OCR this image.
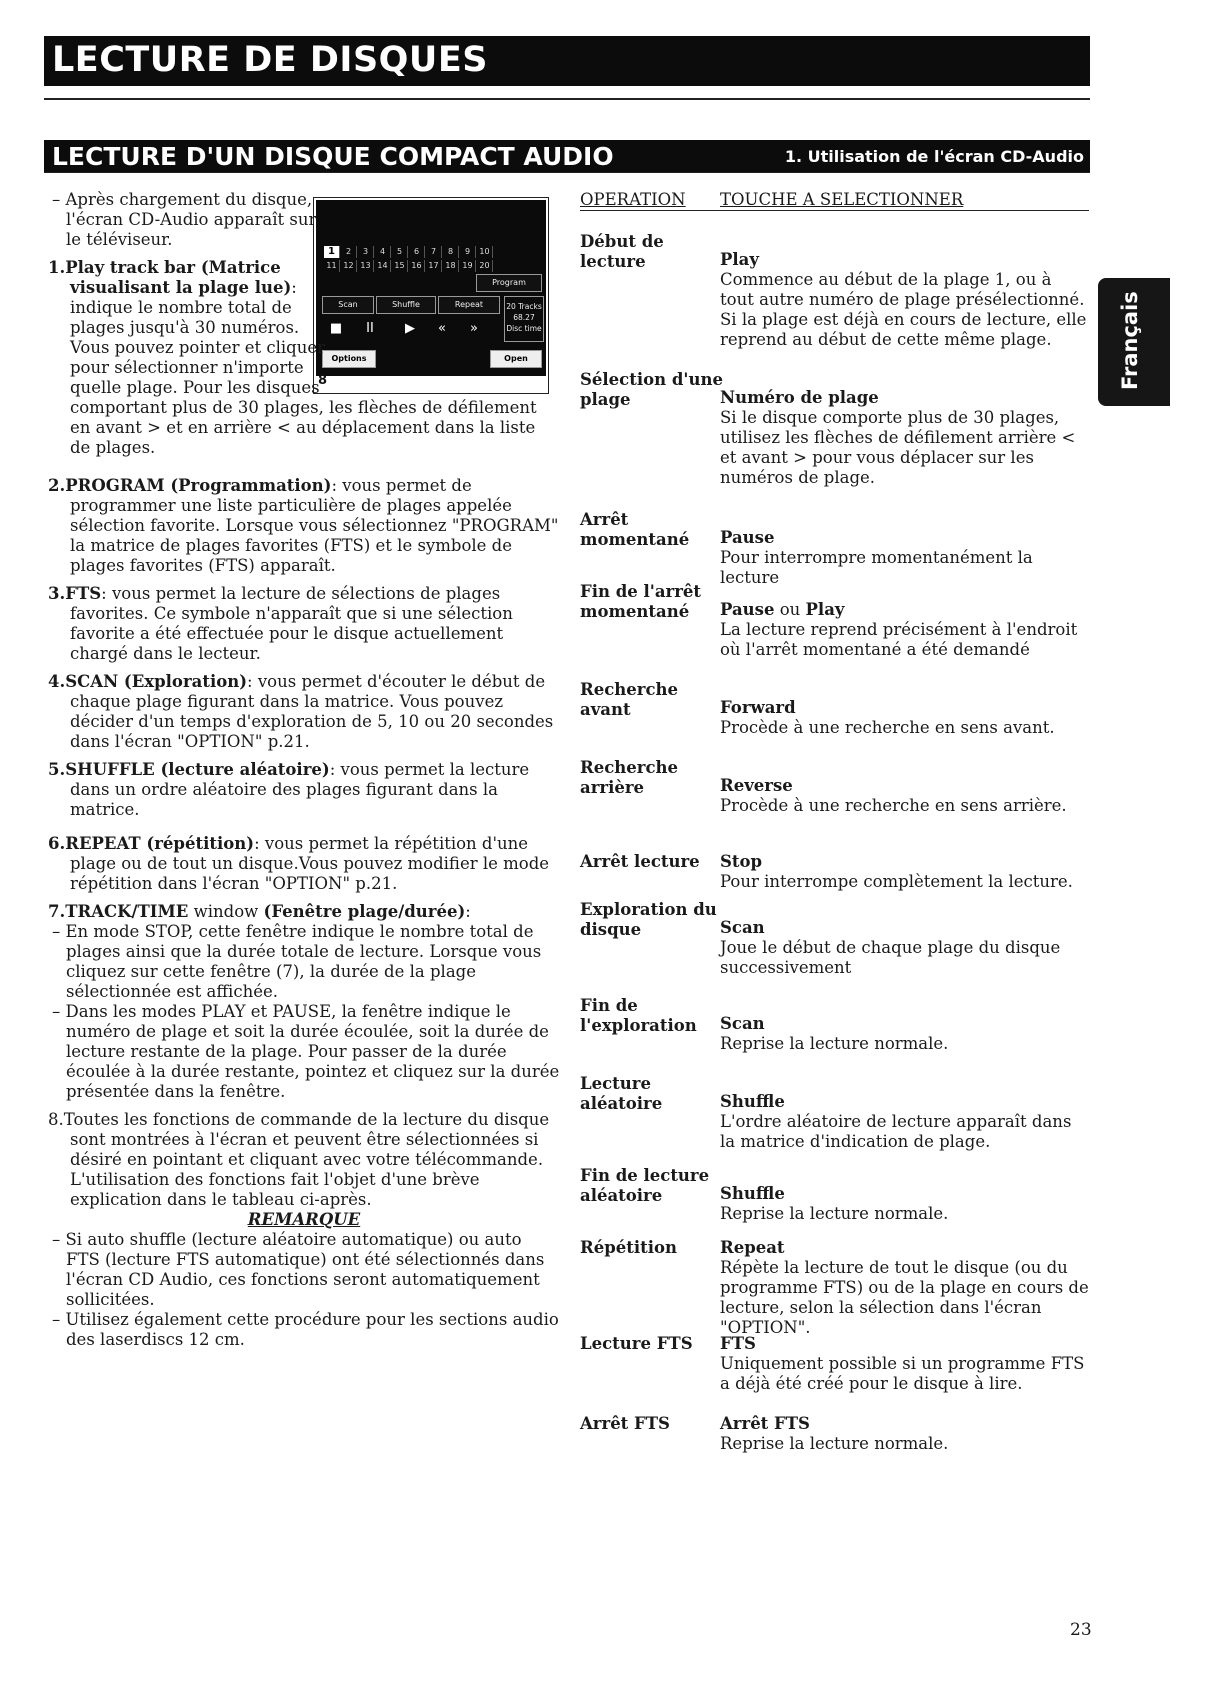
LECTURE DE DISQUES
LECTURE D'UN DISQUE COMPACT AUDIO	1. Utilisation de l'écran CD-Audio
1	2	3	4	5	6	7	8	9	10
11 12 13 14 15 16 17 18 19 20
Program
Scan	Shuffle	Repeat
■	II	▶	«	»
20 Tracks
68.27
Disc time
Options	Open
8

– Après chargement du disque, l'écran CD-Audio apparaît sur le téléviseur.

1.Play track bar (Matrice visualisant la plage lue): indique le nombre total de plages jusqu'à 30 numéros. Vous pouvez pointer et cliquer pour sélectionner n'importe quelle plage. Pour les disques

comportant plus de 30 plages, les flèches de défilement en avant > et en arrière < au déplacement dans la liste de plages.

2.PROGRAM (Programmation): vous permet de programmer une liste particulière de plages appelée sélection favorite. Lorsque vous sélectionnez "PROGRAM" la matrice de plages favorites (FTS) et le symbole de plages favorites (FTS) apparaît.
3.FTS: vous permet la lecture de sélections de plages favorites. Ce symbole n'apparaît que si une sélection favorite a été effectuée pour le disque actuellement chargé dans le lecteur.
4.SCAN (Exploration): vous permet d'écouter le début de chaque plage figurant dans la matrice. Vous pouvez décider d'un temps d'exploration de 5, 10 ou 20 secondes dans l'écran "OPTION" p.21.
5.SHUFFLE (lecture aléatoire): vous permet la lecture dans un ordre aléatoire des plages figurant dans la matrice.
6.REPEAT (répétition): vous permet la répétition d'une plage ou de tout un disque.Vous pouvez modifier le mode répétition dans l'écran "OPTION" p.21.
7.TRACK/TIME window (Fenêtre plage/durée):

– En mode STOP, cette fenêtre indique le nombre total de plages ainsi que la durée totale de lecture. Lorsque vous cliquez sur cette fenêtre (7), la durée de la plage sélectionnée est affichée.

– Dans les modes PLAY et PAUSE, la fenêtre indique le numéro de plage et soit la durée écoulée, soit la durée de lecture restante de la plage. Pour passer de la durée écoulée à la durée restante, pointez et cliquez sur la durée présentée dans la fenêtre.

8.Toutes les fonctions de commande de la lecture du disque sont montrées à l'écran et peuvent être sélectionnées si désiré en pointant et cliquant avec votre télécommande. L'utilisation des fonctions fait l'objet d'une brève explication dans le tableau ci-après.

REMARQUE

– Si auto shuffle (lecture aléatoire automatique) ou auto FTS (lecture FTS automatique) ont été sélectionnés dans l'écran CD Audio, ces fonctions seront automatiquement sollicitées.

– Utilisez également cette procédure pour les sections audio des laserdiscs 12 cm.

OPERATION TOUCHE A SELECTIONNER
Début de lecture	Play
Commence au début de la plage 1, ou à tout autre numéro de plage présélectionné. Si la plage est déjà en cours de lecture, elle reprend au début de cette même plage.
Sélection d'une plage	Numéro de plage
Si le disque comporte plus de 30 plages, utilisez les flèches de défilement arrière < et avant > pour vous déplacer sur les numéros de plage.
Arrêt momentané	Pause
Pour interrompre momentanément la lecture
Fin de l'arrêt momentané	Pause ou Play
La lecture reprend précisément à l'endroit où l'arrêt momentané a été demandé
Recherche avant	Forward
Procède à une recherche en sens avant.
Recherche arrière	Reverse
Procède à une recherche en sens arrière.
Arrêt lecture	Stop
Pour interrompe complètement la lecture.
Exploration du disque	Scan
Joue le début de chaque plage du disque successivement
Fin de l'exploration	Scan
Reprise la lecture normale.
Lecture aléatoire	Shuffle
L'ordre aléatoire de lecture apparaît dans la matrice d'indication de plage.
Fin de lecture aléatoire	Shuffle
Reprise la lecture normale.
Répétition	Repeat
Répète la lecture de tout le disque (ou du programme FTS) ou de la plage en cours de lecture, selon la sélection dans l'écran "OPTION".
Lecture FTS	FTS
Uniquement possible si un programme FTS a déjà été créé pour le disque à lire.
Arrêt FTS	Arrêt FTS
Reprise la lecture normale.
Français
23
